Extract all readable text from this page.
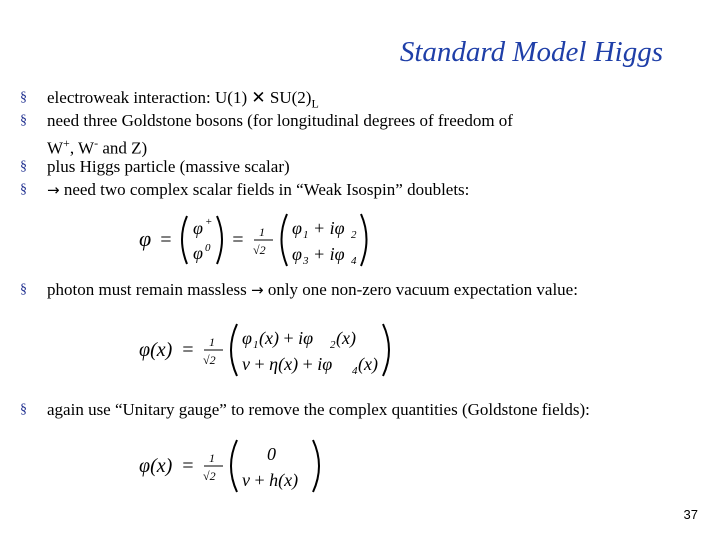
Standard Model Higgs
§	electroweak interaction: U(1) ✕ $SU(2)_L$
§	need three Goldstone bosons (for longitudinal degrees of freedom of
W+, W- and Z)
§	plus Higgs particle (massive scalar)
§	→ need two complex scalar fields in “Weak Isospin” doublets:
φ =
φ +
φ 0 = 1
√2
φ 1 + iφ 2
φ 3 + iφ 4
§	photon must remain massless → only one non-zero vacuum expectation value:
φ(x) = 1
√2
φ 1 (x) + iφ 2 (x)
v + η(x) + iφ 4 (x)
§	again use “Unitary gauge” to remove the complex quantities (Goldstone fields):
φ(x) = 1
√2
0
v + h(x)
37
